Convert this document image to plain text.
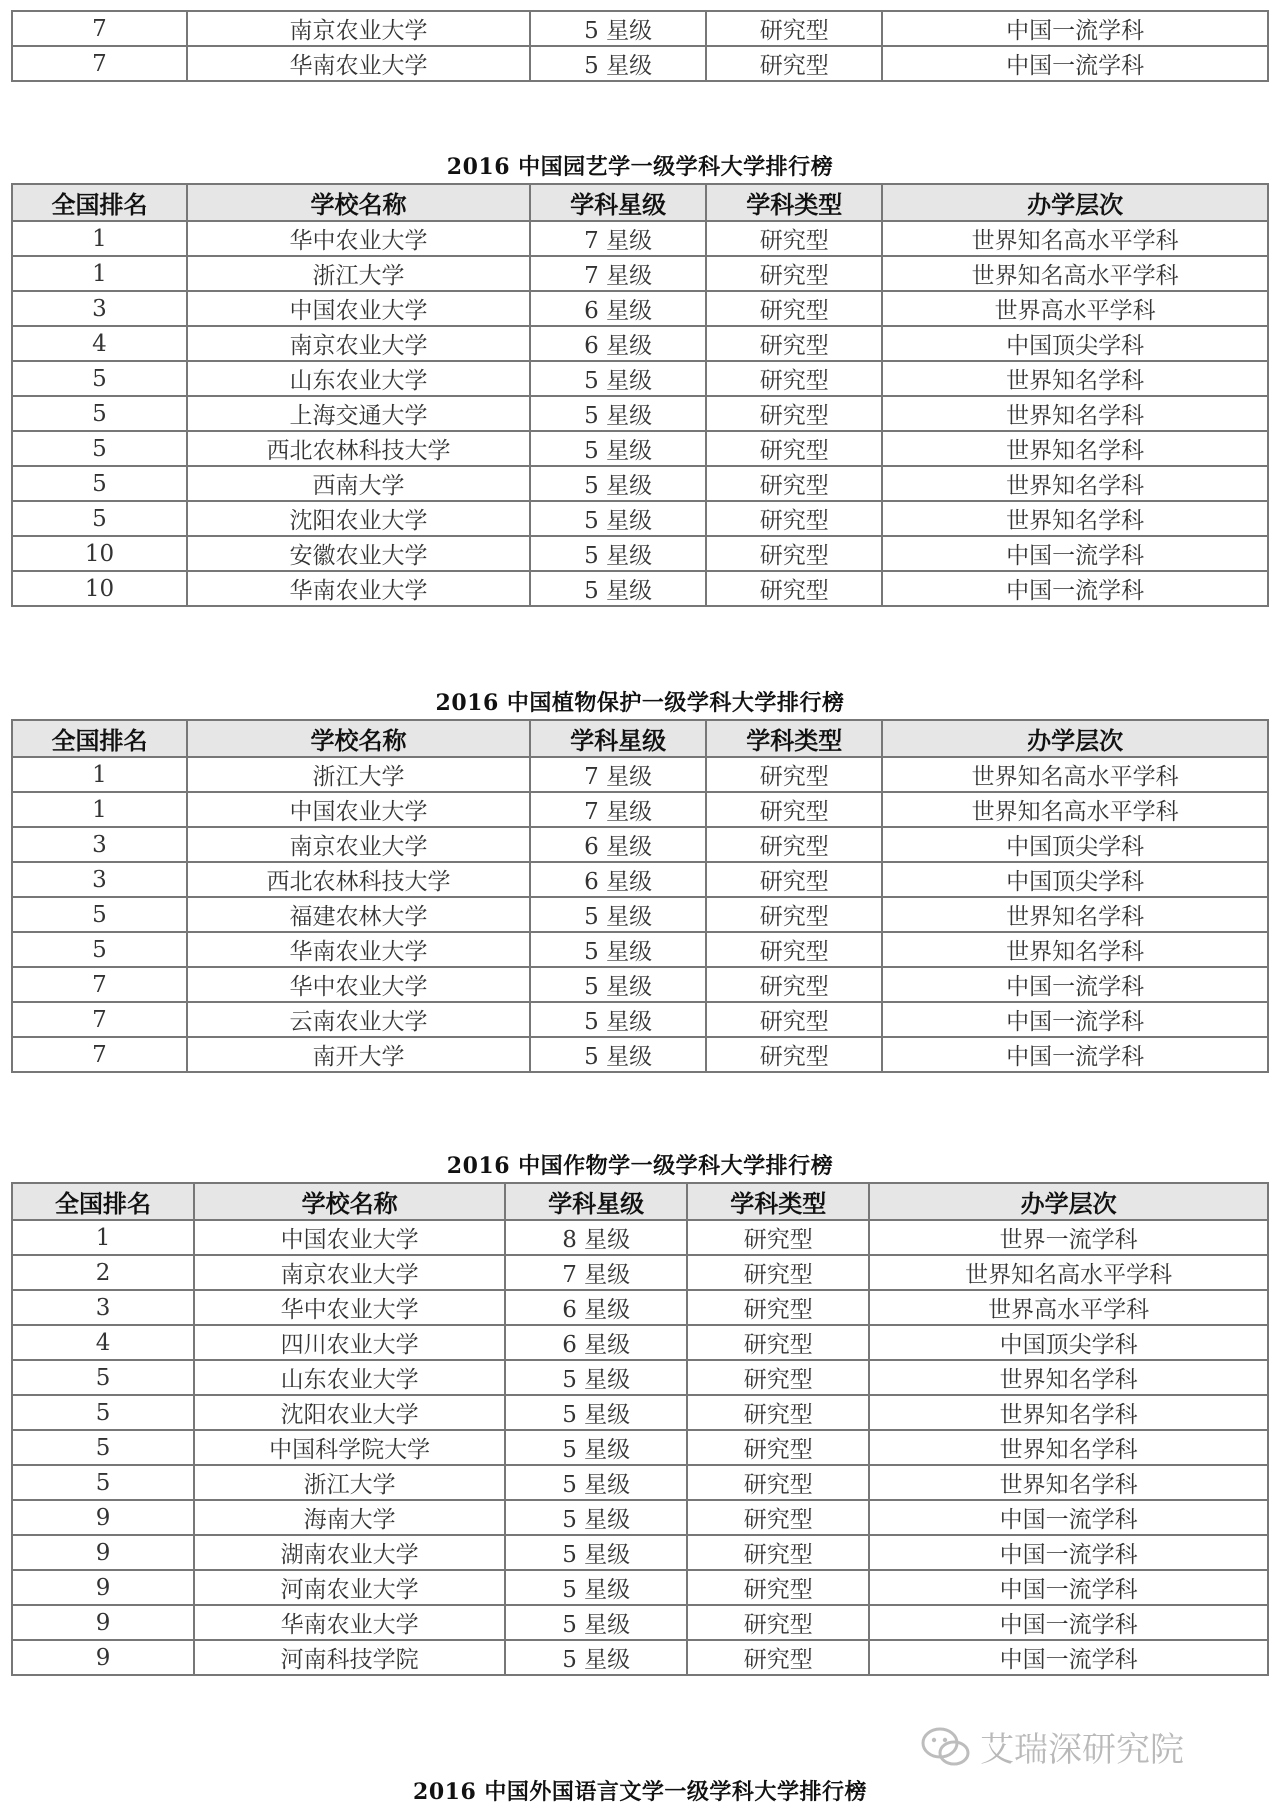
7	南京农业大学	5 星级	研究型	中国一流学科
7	华南农业大学	5 星级	研究型	中国一流学科
2016 中国园艺学一级学科大学排行榜
全国排名	学校名称	学科星级	学科类型	办学层次
1	华中农业大学	7 星级	研究型	世界知名高水平学科
1	浙江大学	7 星级	研究型	世界知名高水平学科
3	中国农业大学	6 星级	研究型	世界高水平学科
4	南京农业大学	6 星级	研究型	中国顶尖学科
5	山东农业大学	5 星级	研究型	世界知名学科
5	上海交通大学	5 星级	研究型	世界知名学科
5	西北农林科技大学	5 星级	研究型	世界知名学科
5	西南大学	5 星级	研究型	世界知名学科
5	沈阳农业大学	5 星级	研究型	世界知名学科
10	安徽农业大学	5 星级	研究型	中国一流学科
10	华南农业大学	5 星级	研究型	中国一流学科
2016 中国植物保护一级学科大学排行榜
全国排名	学校名称	学科星级	学科类型	办学层次
1	浙江大学	7 星级	研究型	世界知名高水平学科
1	中国农业大学	7 星级	研究型	世界知名高水平学科
3	南京农业大学	6 星级	研究型	中国顶尖学科
3	西北农林科技大学	6 星级	研究型	中国顶尖学科
5	福建农林大学	5 星级	研究型	世界知名学科
5	华南农业大学	5 星级	研究型	世界知名学科
7	华中农业大学	5 星级	研究型	中国一流学科
7	云南农业大学	5 星级	研究型	中国一流学科
7	南开大学	5 星级	研究型	中国一流学科
2016 中国作物学一级学科大学排行榜
全国排名	学校名称	学科星级	学科类型	办学层次
1	中国农业大学	8 星级	研究型	世界一流学科
2	南京农业大学	7 星级	研究型	世界知名高水平学科
3	华中农业大学	6 星级	研究型	世界高水平学科
4	四川农业大学	6 星级	研究型	中国顶尖学科
5	山东农业大学	5 星级	研究型	世界知名学科
5	沈阳农业大学	5 星级	研究型	世界知名学科
5	中国科学院大学	5 星级	研究型	世界知名学科
5	浙江大学	5 星级	研究型	世界知名学科
9	海南大学	5 星级	研究型	中国一流学科
9	湖南农业大学	5 星级	研究型	中国一流学科
9	河南农业大学	5 星级	研究型	中国一流学科
9	华南农业大学	5 星级	研究型	中国一流学科
9	河南科技学院	5 星级	研究型	中国一流学科
艾瑞深研究院
2016 中国外国语言文学一级学科大学排行榜
